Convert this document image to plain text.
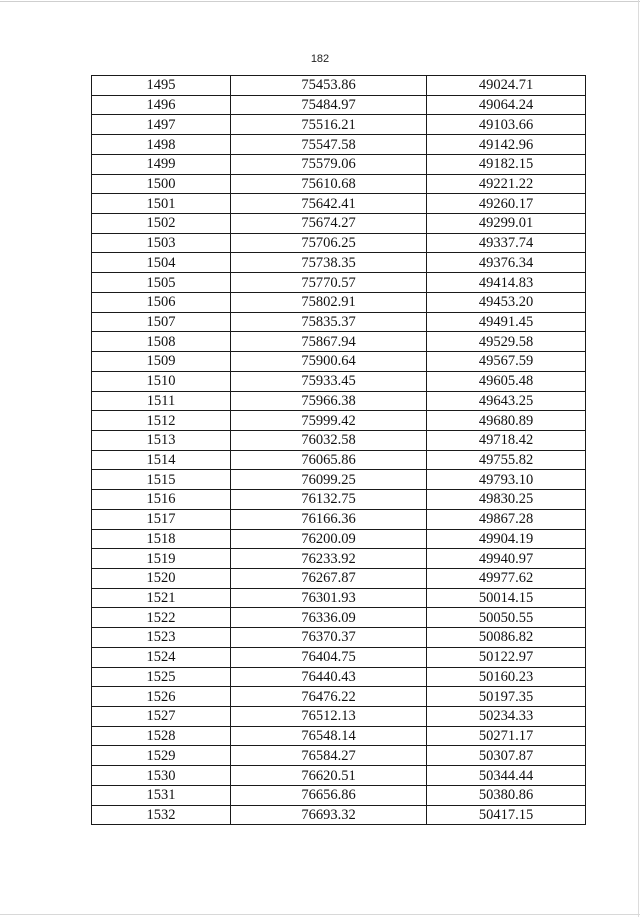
182
1495	75453.86	49024.71
1496	75484.97	49064.24
1497	75516.21	49103.66
1498	75547.58	49142.96
1499	75579.06	49182.15
1500	75610.68	49221.22
1501	75642.41	49260.17
1502	75674.27	49299.01
1503	75706.25	49337.74
1504	75738.35	49376.34
1505	75770.57	49414.83
1506	75802.91	49453.20
1507	75835.37	49491.45
1508	75867.94	49529.58
1509	75900.64	49567.59
1510	75933.45	49605.48
1511	75966.38	49643.25
1512	75999.42	49680.89
1513	76032.58	49718.42
1514	76065.86	49755.82
1515	76099.25	49793.10
1516	76132.75	49830.25
1517	76166.36	49867.28
1518	76200.09	49904.19
1519	76233.92	49940.97
1520	76267.87	49977.62
1521	76301.93	50014.15
1522	76336.09	50050.55
1523	76370.37	50086.82
1524	76404.75	50122.97
1525	76440.43	50160.23
1526	76476.22	50197.35
1527	76512.13	50234.33
1528	76548.14	50271.17
1529	76584.27	50307.87
1530	76620.51	50344.44
1531	76656.86	50380.86
1532	76693.32	50417.15
